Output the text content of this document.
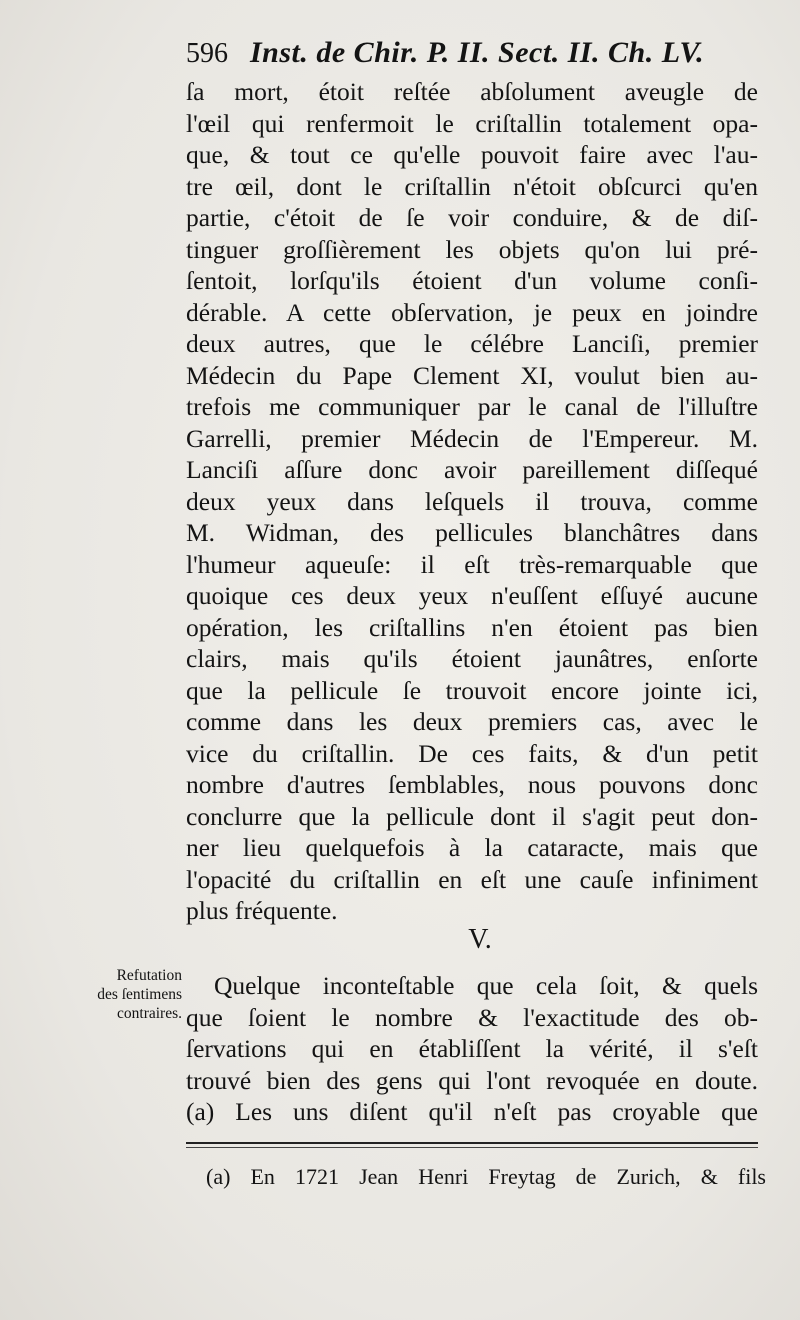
596 Inst. de Chir. P. II. Sect. II. Ch. LV.
ſa mort, étoit reſtée abſolument aveugle de
l'œil qui renfermoit le criſtallin totalement opa-
que, & tout ce qu'elle pouvoit faire avec l'au-
tre œil, dont le criſtallin n'étoit obſcurci qu'en
partie, c'étoit de ſe voir conduire, & de diſ-
tinguer groſſièrement les objets qu'on lui pré-
ſentoit, lorſqu'ils étoient d'un volume conſi-
dérable. A cette obſervation, je peux en joindre
deux autres, que le célébre Lanciſi, premier
Médecin du Pape Clement XI, voulut bien au-
trefois me communiquer par le canal de l'illuſtre
Garrelli, premier Médecin de l'Empereur. M.
Lanciſi aſſure donc avoir pareillement diſſequé
deux yeux dans leſquels il trouva, comme
M. Widman, des pellicules blanchâtres dans
l'humeur aqueuſe: il eſt très-remarquable que
quoique ces deux yeux n'euſſent eſſuyé aucune
opération, les criſtallins n'en étoient pas bien
clairs, mais qu'ils étoient jaunâtres, enſorte
que la pellicule ſe trouvoit encore jointe ici,
comme dans les deux premiers cas, avec le
vice du criſtallin. De ces faits, & d'un petit
nombre d'autres ſemblables, nous pouvons donc
conclurre que la pellicule dont il s'agit peut don-
ner lieu quelquefois à la cataracte, mais que
l'opacité du criſtallin en eſt une cauſe infiniment
plus fréquente.
V.
Refutation
des ſentimens
contraires.
Quelque inconteſtable que cela ſoit, & quels
que ſoient le nombre & l'exactitude des ob-
ſervations qui en établiſſent la vérité, il s'eſt
trouvé bien des gens qui l'ont revoquée en doute.
(a) Les uns diſent qu'il n'eſt pas croyable que
(a) En 1721 Jean Henri Freytag de Zurich, & fils
